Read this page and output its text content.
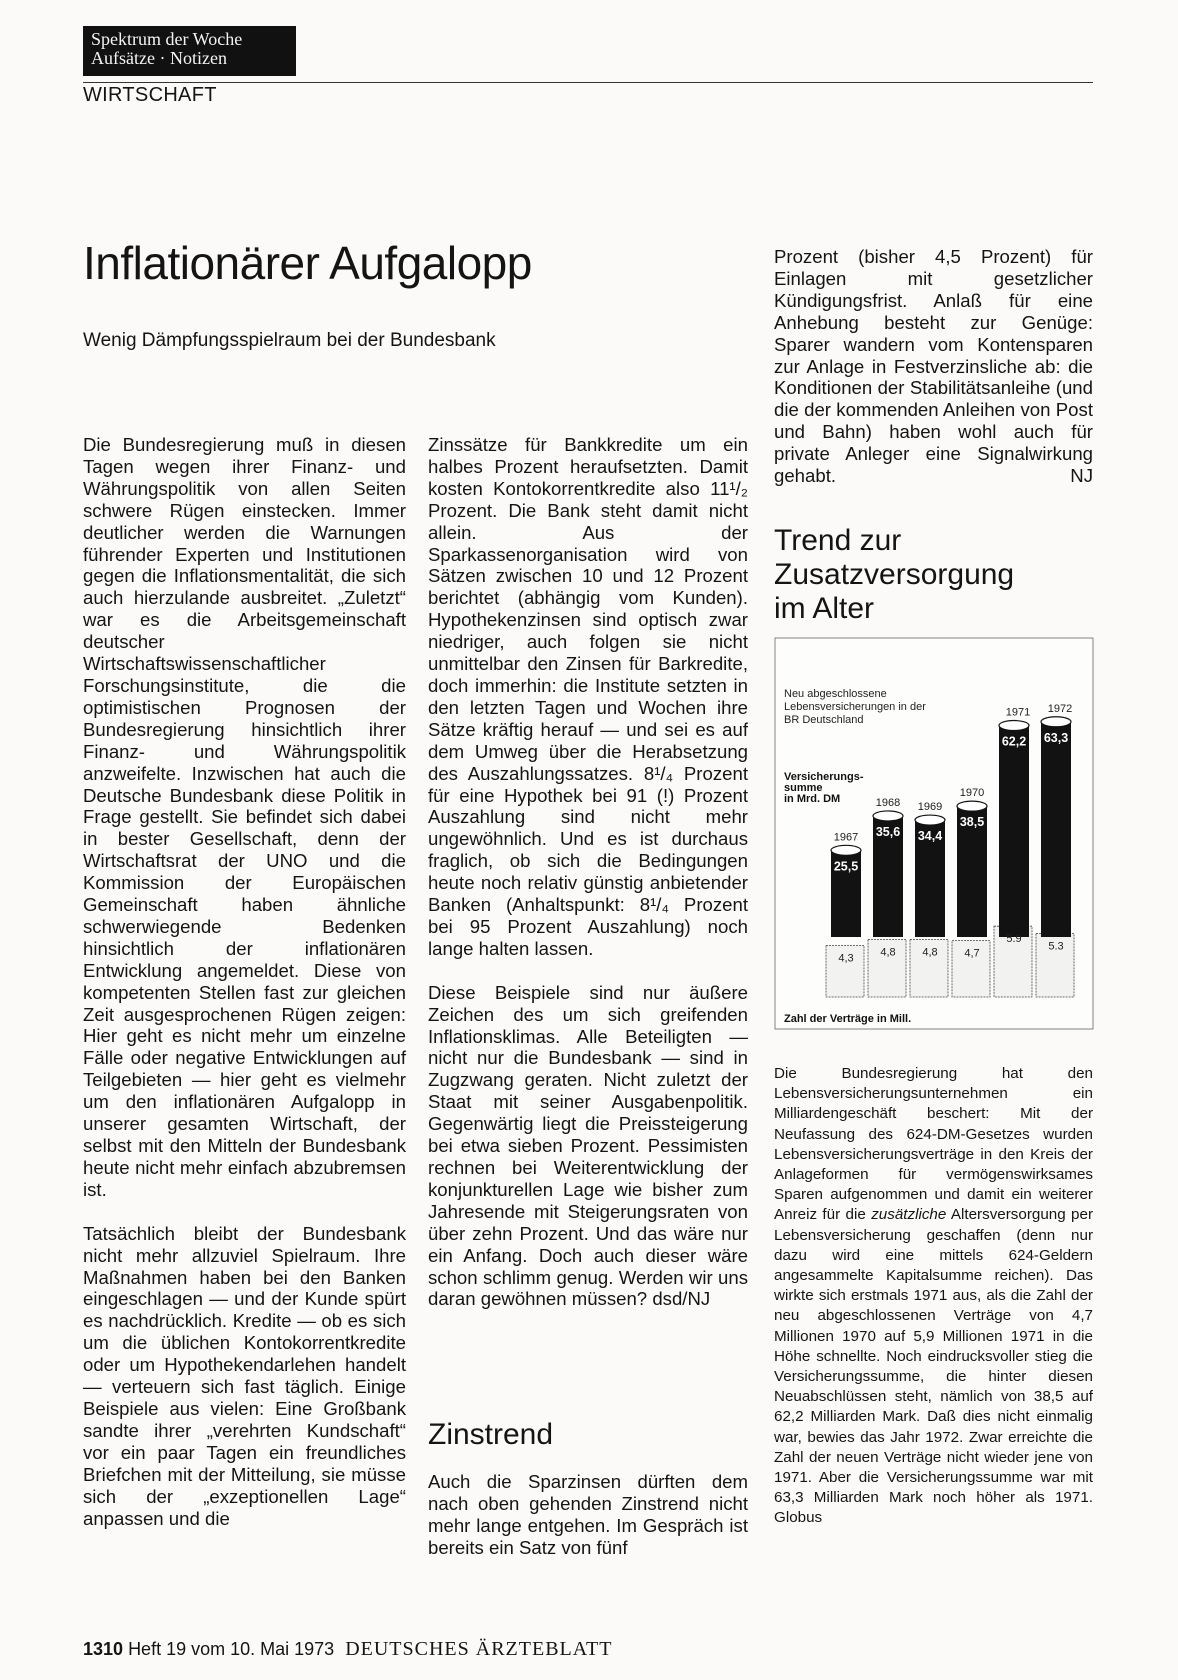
Spektrum der Woche
Aufsätze · Notizen
WIRTSCHAFT
Inflationärer Aufgalopp
Wenig Dämpfungsspielraum bei der Bundesbank

Die Bundesregierung muß in diesen Tagen wegen ihrer Finanz- und Währungspolitik von allen Seiten schwere Rügen einstecken. Immer deutlicher werden die Warnungen führender Experten und Institutionen gegen die Inflationsmentalität, die sich auch hierzulande ausbreitet. „Zuletzt“ war es die Arbeitsgemeinschaft deutscher Wirtschaftswissenschaftlicher Forschungsinstitute, die die optimistischen Prognosen der Bundesregierung hinsichtlich ihrer Finanz- und Währungspolitik anzweifelte. Inzwischen hat auch die Deutsche Bundesbank diese Politik in Frage gestellt. Sie befindet sich dabei in bester Gesellschaft, denn der Wirtschaftsrat der UNO und die Kommission der Europäischen Gemeinschaft haben ähnliche schwerwiegende Bedenken hinsichtlich der inflationären Entwicklung angemeldet. Diese von kompetenten Stellen fast zur gleichen Zeit ausgesprochenen Rügen zeigen: Hier geht es nicht mehr um einzelne Fälle oder negative Entwicklungen auf Teilgebieten — hier geht es vielmehr um den inflationären Aufgalopp in unserer gesamten Wirtschaft, der selbst mit den Mitteln der Bundesbank heute nicht mehr einfach abzubremsen ist.

Tatsächlich bleibt der Bundesbank nicht mehr allzuviel Spielraum. Ihre Maßnahmen haben bei den Banken eingeschlagen — und der Kunde spürt es nachdrücklich. Kredite — ob es sich um die üblichen Kontokorrentkredite oder um Hypothekendarlehen handelt — verteuern sich fast täglich. Einige Beispiele aus vielen: Eine Großbank sandte ihrer „verehrten Kundschaft“ vor ein paar Tagen ein freundliches Briefchen mit der Mitteilung, sie müsse sich der „exzeptionellen Lage“ anpassen und die

Zinssätze für Bankkredite um ein halbes Prozent heraufsetzten. Damit kosten Kontokorrentkredite also 11¹/₂ Prozent. Die Bank steht damit nicht allein. Aus der Sparkassenorganisation wird von Sätzen zwischen 10 und 12 Prozent berichtet (abhängig vom Kunden). Hypothekenzinsen sind optisch zwar niedriger, auch folgen sie nicht unmittelbar den Zinsen für Barkredite, doch immerhin: die Institute setzten in den letzten Tagen und Wochen ihre Sätze kräftig herauf — und sei es auf dem Umweg über die Herabsetzung des Auszahlungssatzes. 8¹/₄ Prozent für eine Hypothek bei 91 (!) Prozent Auszahlung sind nicht mehr ungewöhnlich. Und es ist durchaus fraglich, ob sich die Bedingungen heute noch relativ günstig anbietender Banken (Anhaltspunkt: 8¹/₄ Prozent bei 95 Prozent Auszahlung) noch lange halten lassen.

Diese Beispiele sind nur äußere Zeichen des um sich greifenden Inflationsklimas. Alle Beteiligten — nicht nur die Bundesbank — sind in Zugzwang geraten. Nicht zuletzt der Staat mit seiner Ausgabenpolitik. Gegenwärtig liegt die Preissteigerung bei etwa sieben Prozent. Pessimisten rechnen bei Weiterentwicklung der konjunkturellen Lage wie bisher zum Jahresende mit Steigerungsraten von über zehn Prozent. Und das wäre nur ein Anfang. Doch auch dieser wäre schon schlimm genug. Werden wir uns daran gewöhnen müssen? dsd/NJ

Zinstrend

Auch die Sparzinsen dürften dem nach oben gehenden Zinstrend nicht mehr lange entgehen. Im Gespräch ist bereits ein Satz von fünf

Prozent (bisher 4,5 Prozent) für Einlagen mit gesetzlicher Kündigungsfrist. Anlaß für eine Anhebung besteht zur Genüge: Sparer wandern vom Kontensparen zur Anlage in Festverzinsliche ab: die Konditionen der Stabilitätsanleihe (und die der kommenden Anleihen von Post und Bahn) haben wohl auch für private Anleger eine Signalwirkung gehabt.	NJ

Trend zur
Zusatzversorgung
im Alter
Neu abgeschlossene Lebensversicherungen in der BR Deutschland
Versicherungs- summe in Mrd. DM
25,5
1967
4,3
35,6
1968
4,8
34,4
1969
4,8
38,5
1970
4,7
62,2
1971
5.9
63,3
1972
5.3
Zahl der Verträge in Mill.
Die Bundesregierung hat den Lebensversicherungsunternehmen ein Milliardengeschäft beschert: Mit der Neufassung des 624-DM-Gesetzes wurden Lebensversicherungsverträge in den Kreis der Anlageformen für vermögenswirksames Sparen aufgenommen und damit ein weiterer Anreiz für die zusätzliche Altersversorgung per Lebensversicherung geschaffen (denn nur dazu wird eine mittels 624-Geldern angesammelte Kapitalsumme reichen). Das wirkte sich erstmals 1971 aus, als die Zahl der neu abgeschlossenen Verträge von 4,7 Millionen 1970 auf 5,9 Millionen 1971 in die Höhe schnellte. Noch eindrucksvoller stieg die Versicherungssumme, die hinter diesen Neuabschlüssen steht, nämlich von 38,5 auf 62,2 Milliarden Mark. Daß dies nicht einmalig war, bewies das Jahr 1972. Zwar erreichte die Zahl der neuen Verträge nicht wieder jene von 1971. Aber die Versicherungssumme war mit 63,3 Milliarden Mark noch höher als 1971. Globus
1310 Heft 19 vom 10. Mai 1973 DEUTSCHES ÄRZTEBLATT
